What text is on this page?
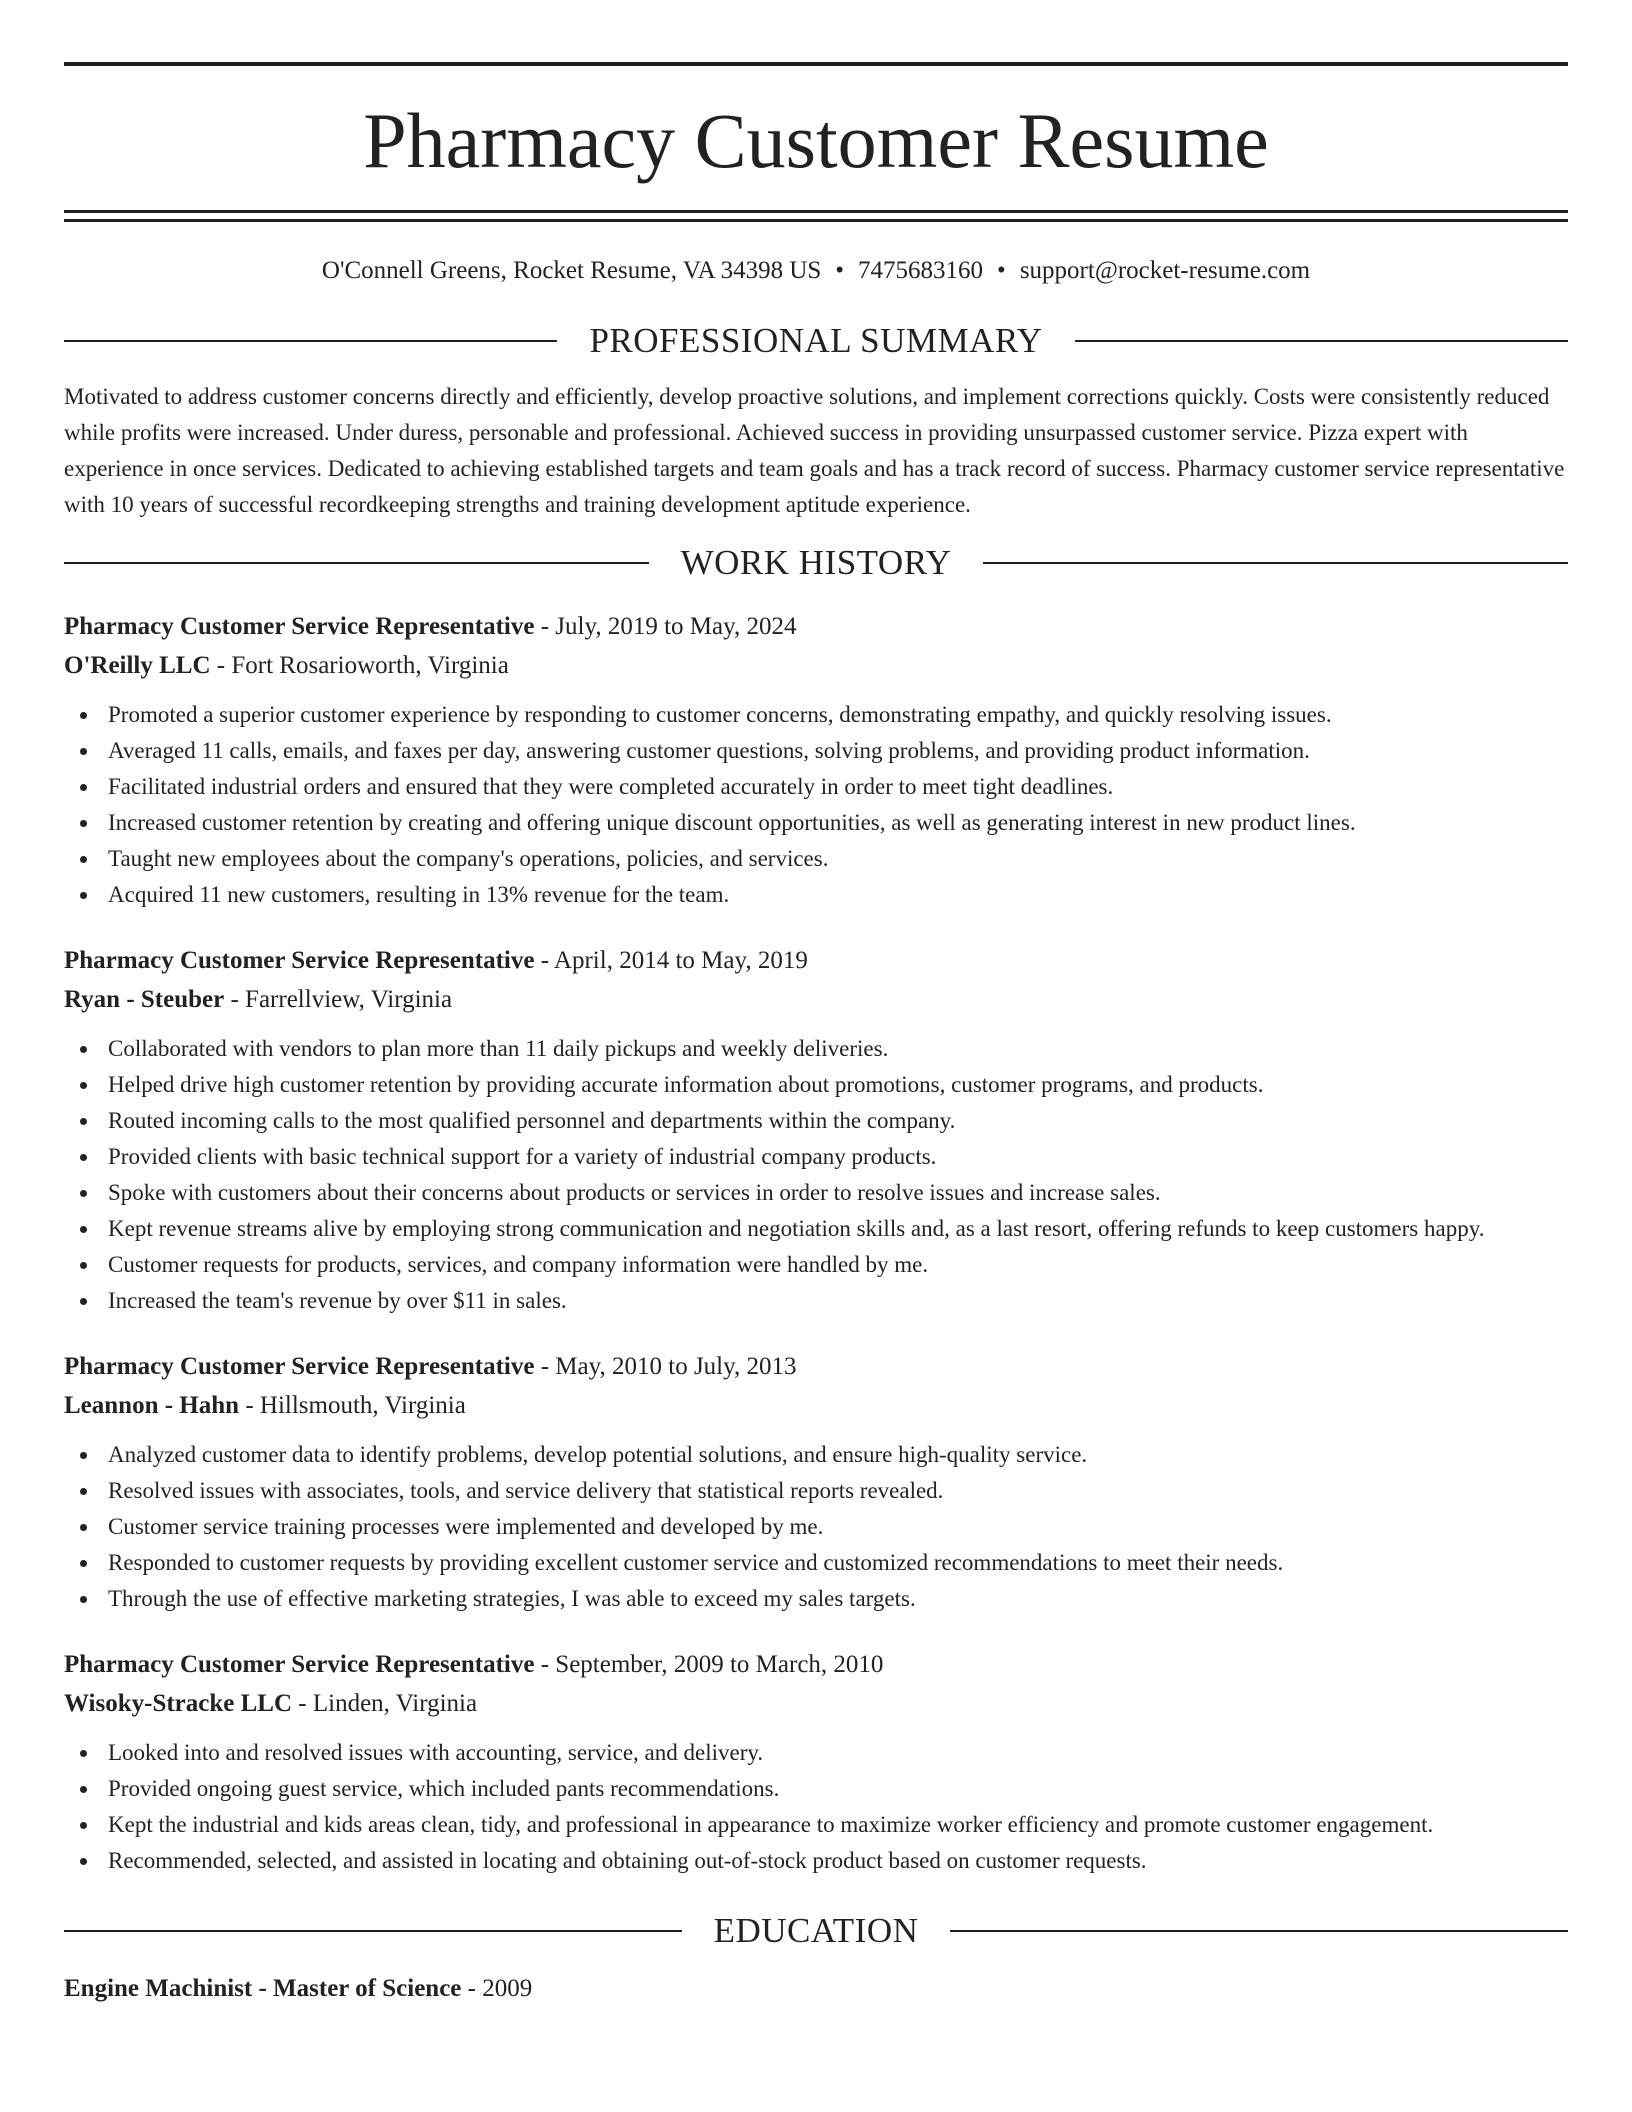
Pharmacy Customer Resume
O'Connell Greens, Rocket Resume, VA 34398 US • 7475683160 • support@rocket-resume.com
PROFESSIONAL SUMMARY
Motivated to address customer concerns directly and efficiently, develop proactive solutions, and implement corrections quickly. Costs were consistently reduced while profits were increased. Under duress, personable and professional. Achieved success in providing unsurpassed customer service. Pizza expert with experience in once services. Dedicated to achieving established targets and team goals and has a track record of success. Pharmacy customer service representative with 10 years of successful recordkeeping strengths and training development aptitude experience.
WORK HISTORY
Pharmacy Customer Service Representative - July, 2019 to May, 2024
O'Reilly LLC - Fort Rosarioworth, Virginia
Promoted a superior customer experience by responding to customer concerns, demonstrating empathy, and quickly resolving issues.
Averaged 11 calls, emails, and faxes per day, answering customer questions, solving problems, and providing product information.
Facilitated industrial orders and ensured that they were completed accurately in order to meet tight deadlines.
Increased customer retention by creating and offering unique discount opportunities, as well as generating interest in new product lines.
Taught new employees about the company's operations, policies, and services.
Acquired 11 new customers, resulting in 13% revenue for the team.
Pharmacy Customer Service Representative - April, 2014 to May, 2019
Ryan - Steuber - Farrellview, Virginia
Collaborated with vendors to plan more than 11 daily pickups and weekly deliveries.
Helped drive high customer retention by providing accurate information about promotions, customer programs, and products.
Routed incoming calls to the most qualified personnel and departments within the company.
Provided clients with basic technical support for a variety of industrial company products.
Spoke with customers about their concerns about products or services in order to resolve issues and increase sales.
Kept revenue streams alive by employing strong communication and negotiation skills and, as a last resort, offering refunds to keep customers happy.
Customer requests for products, services, and company information were handled by me.
Increased the team's revenue by over $11 in sales.
Pharmacy Customer Service Representative - May, 2010 to July, 2013
Leannon - Hahn - Hillsmouth, Virginia
Analyzed customer data to identify problems, develop potential solutions, and ensure high-quality service.
Resolved issues with associates, tools, and service delivery that statistical reports revealed.
Customer service training processes were implemented and developed by me.
Responded to customer requests by providing excellent customer service and customized recommendations to meet their needs.
Through the use of effective marketing strategies, I was able to exceed my sales targets.
Pharmacy Customer Service Representative - September, 2009 to March, 2010
Wisoky-Stracke LLC - Linden, Virginia
Looked into and resolved issues with accounting, service, and delivery.
Provided ongoing guest service, which included pants recommendations.
Kept the industrial and kids areas clean, tidy, and professional in appearance to maximize worker efficiency and promote customer engagement.
Recommended, selected, and assisted in locating and obtaining out-of-stock product based on customer requests.
EDUCATION
Engine Machinist - Master of Science - 2009
